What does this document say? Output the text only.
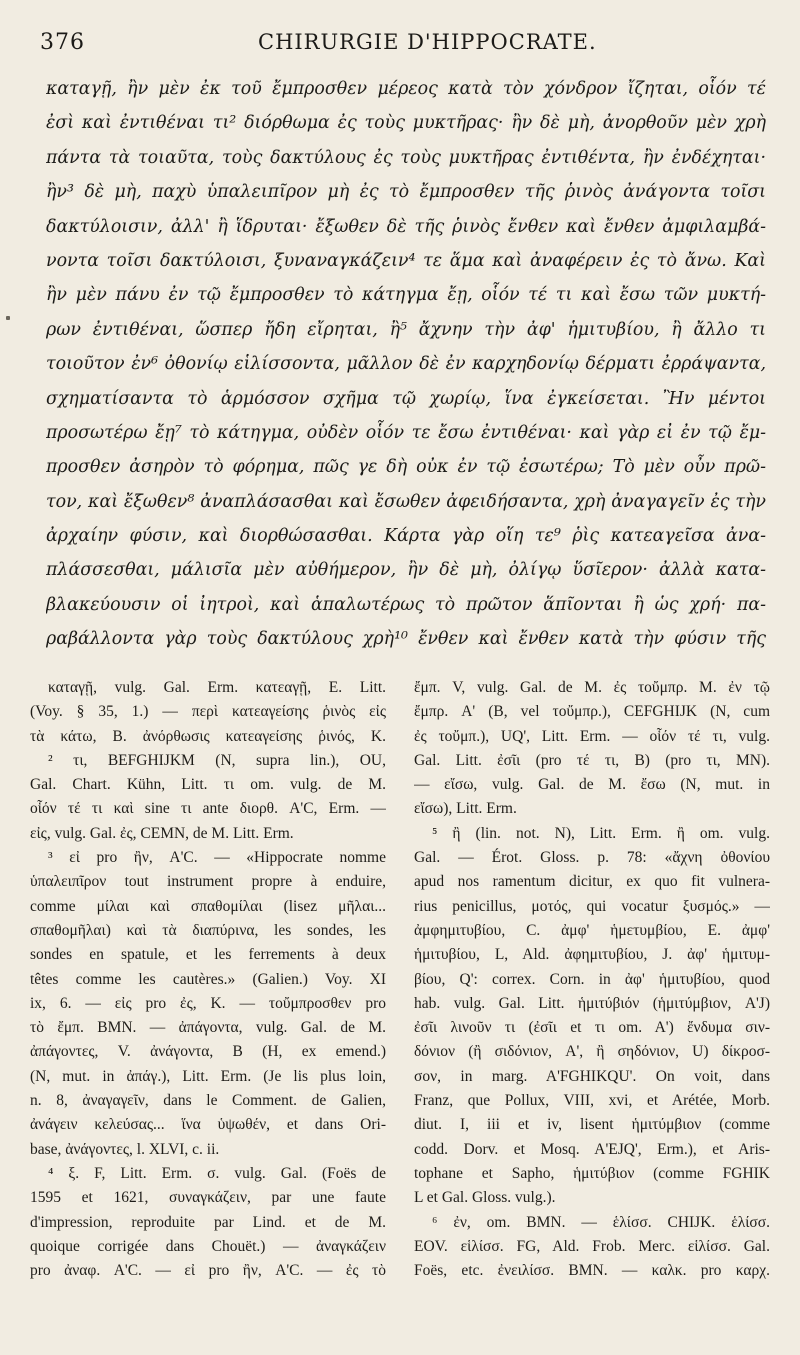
376	CHIRURGIE D'HIPPOCRATE.
καταγῇ, ἢν μὲν ἐκ τοῦ ἔμπροσθεν μέρεος κατὰ τὸν χόνδρον ἴζηται, οἷόν τέ
ἐσὶ καὶ ἐντιθέναι τι² διόρθωμα ἐς τοὺς μυκτῆρας· ἢν δὲ μὴ, ἀνορθοῦν μὲν χρὴ
πάντα τὰ τοιαῦτα, τοὺς δακτύλους ἐς τοὺς μυκτῆρας ἐντιθέντα, ἢν ἐνδέχηται·
ἢν³ δὲ μὴ, παχὺ ὑπαλειπῖρον μὴ ἐς τὸ ἔμπροσθεν τῆς ῥινὸς ἀνάγοντα τοῖσι
δακτύλοισιν, ἀλλ' ἢ ἵδρυται· ἔξωθεν δὲ τῆς ῥινὸς ἔνθεν καὶ ἔνθεν ἀμφιλαμβά-
νοντα τοῖσι δακτύλοισι, ξυναναγκάζειν⁴ τε ἅμα καὶ ἀναφέρειν ἐς τὸ ἄνω. Καὶ
ἢν μὲν πάνυ ἐν τῷ ἔμπροσθεν τὸ κάτηγμα ἔῃ, οἷόν τέ τι καὶ ἔσω τῶν μυκτή-
ρων ἐντιθέναι, ὥσπερ ἤδη εἴρηται, ἢ⁵ ἄχνην τὴν ἀφ' ἡμιτυβίου, ἢ ἄλλο τι
τοιοῦτον ἐν⁶ ὀθονίῳ εἱλίσσοντα, μᾶλλον δὲ ἐν καρχηδονίῳ δέρματι ἐρράψαντα,
σχηματίσαντα τὸ ἁρμόσσον σχῆμα τῷ χωρίῳ, ἵνα ἐγκείσεται. Ἢν μέντοι
προσωτέρω ἔῃ⁷ τὸ κάτηγμα, οὐδὲν οἷόν τε ἔσω ἐντιθέναι· καὶ γὰρ εἰ ἐν τῷ ἔμ-
προσθεν ἀσηρὸν τὸ φόρημα, πῶς γε δὴ οὐκ ἐν τῷ ἐσωτέρω; Τὸ μὲν οὖν πρῶ-
τον, καὶ ἔξωθεν⁸ ἀναπλάσασθαι καὶ ἔσωθεν ἀφειδήσαντα, χρὴ ἀναγαγεῖν ἐς τὴν
ἀρχαίην φύσιν, καὶ διορθώσασθαι. Κάρτα γὰρ οἵη τε⁹ ῥὶς κατεαγεῖσα ἀνα-
πλάσσεσθαι, μάλισῖα μὲν αὐθήμερον, ἢν δὲ μὴ, ὀλίγῳ ὕσῖερον· ἀλλὰ κατα-
βλακεύουσιν οἱ ἰητροὶ, καὶ ἁπαλωτέρως τὸ πρῶτον ἅπῖονται ἢ ὡς χρή· πα-
ραβάλλοντα γὰρ τοὺς δακτύλους χρὴ¹⁰ ἔνθεν καὶ ἔνθεν κατὰ τὴν φύσιν τῆς
καταγῇ, vulg. Gal. Erm. κατεαγῇ, E. Litt.
(Voy. § 35, 1.) — περὶ κατεαγείσης ῥινὸς εἰς
τὰ κάτω, B. ἀνόρθωσις κατεαγείσης ῥινός, K.
² τι, BEFGHIJKM (N, supra lin.), OU,
Gal. Chart. Kühn, Litt. τι om. vulg. de M.
οἷόν τέ τι καὶ sine τι ante διορθ. A'C, Erm. —
εἰς, vulg. Gal. ἐς, CEMN, de M. Litt. Erm.
³ εἰ pro ἢν, A'C. — «Hippocrate nomme
ὑπαλειπῖρον tout instrument propre à enduire,
comme μίλαι καὶ σπαθομίλαι (lisez μῆλαι...
σπαθομῆλαι) καὶ τὰ διαπύρινα, les sondes, les
sondes en spatule, et les ferrements à deux
têtes comme les cautères.» (Galien.) Voy. XI
ix, 6. — εἰς pro ἐς, K. — τοὔμπροσθεν pro
τὸ ἔμπ. BMN. — ἀπάγοντα, vulg. Gal. de M.
ἀπάγοντες, V. ἀνάγοντα, B (H, ex emend.)
(N, mut. in ἀπάγ.), Litt. Erm. (Je lis plus loin,
n. 8, ἀναγαγεῖν, dans le Comment. de Galien,
ἀνάγειν κελεύσας... ἵνα ὑψωθέν, et dans Ori-
base, ἀνάγοντες, l. XLVI, c. ii.
⁴ ξ. F, Litt. Erm. σ. vulg. Gal. (Foës de
1595 et 1621, συναγκάζειν, par une faute
d'impression, reproduite par Lind. et de M.
quoique corrigée dans Chouët.) — ἀναγκάζειν
pro ἀναφ. A'C. — εἰ pro ἢν, A'C. — ἐς τὸ
ἔμπ. V, vulg. Gal. de M. ἐς τοὔμπρ. M. ἐν τῷ
ἔμπρ. A' (B, vel τοὔμπρ.), CEFGHIJK (N, cum
ἐς τοὔμπ.), UQ', Litt. Erm. — οἷόν τέ τι, vulg.
Gal. Litt. ἐσῖι (pro τέ τι, B) (pro τι, MN).
— εἴσω, vulg. Gal. de M. ἔσω (N, mut. in
εἴσω), Litt. Erm.
⁵ ἢ (lin. not. N), Litt. Erm. ἢ om. vulg.
Gal. — Érot. Gloss. p. 78: «ἄχνη ὀθονίου
apud nos ramentum dicitur, ex quo fit vulnera-
rius penicillus, μοτός, qui vocatur ξυσμός.» —
ἀμφημιτυβίου, C. ἀμφ' ἡμετυμβίου, E. ἀμφ'
ἡμιτυβίου, L, Ald. ἀφημιτυβίου, J. ἀφ' ἡμιτυμ-
βίου, Q': correx. Corn. in ἀφ' ἡμιτυβίου, quod
hab. vulg. Gal. Litt. ἡμιτύβιόν (ἡμιτύμβιον, A'J)
ἐσῖι λινοῦν τι (ἐσῖι et τι om. A') ἔνδυμα σιν-
δόνιον (ἢ σιδόνιον, A', ἢ σηδόνιον, U) δίκροσ-
σον, in marg. A'FGHIKQU'. On voit, dans
Franz, que Pollux, VIII, xvi, et Arétée, Morb.
diut. I, iii et iv, lisent ἡμιτύμβιον (comme
codd. Dorv. et Mosq. A'EJQ', Erm.), et Aris-
tophane et Sapho, ἡμιτύβιον (comme FGHIK
L et Gal. Gloss. vulg.).
⁶ ἐν, om. BMN. — ἑλίσσ. CHIJK. ἑλίσσ.
EOV. εἱλίσσ. FG, Ald. Frob. Merc. εἱλίσσ. Gal.
Foës, etc. ἐνειλίσσ. BMN. — καλκ. pro καρχ.
